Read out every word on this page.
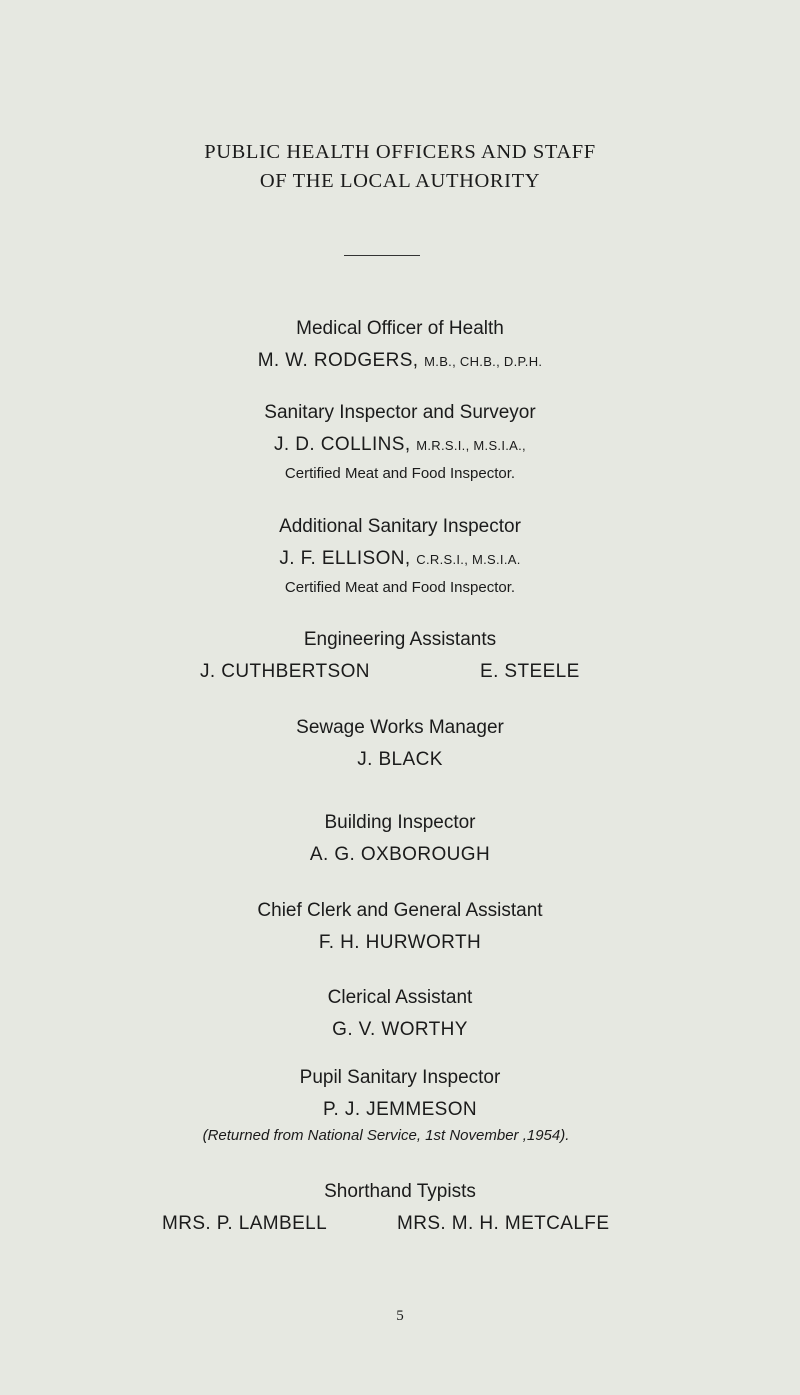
PUBLIC HEALTH OFFICERS AND STAFF
OF THE LOCAL AUTHORITY
Medical Officer of Health
M. W. RODGERS, M.B., CH.B., D.P.H.
Sanitary Inspector and Surveyor
J. D. COLLINS, M.R.S.I., M.S.I.A.,
Certified Meat and Food Inspector.
Additional Sanitary Inspector
J. F. ELLISON, C.R.S.I., M.S.I.A.
Certified Meat and Food Inspector.
Engineering Assistants
J. CUTHBERTSON	E. STEELE
Sewage Works Manager
J. BLACK
Building Inspector
A. G. OXBOROUGH
Chief Clerk and General Assistant
F. H. HURWORTH
Clerical Assistant
G. V. WORTHY
Pupil Sanitary Inspector
P. J. JEMMESON
(Returned from National Service, 1st November ,1954).
Shorthand Typists
MRS. P. LAMBELL	MRS. M. H. METCALFE
5
